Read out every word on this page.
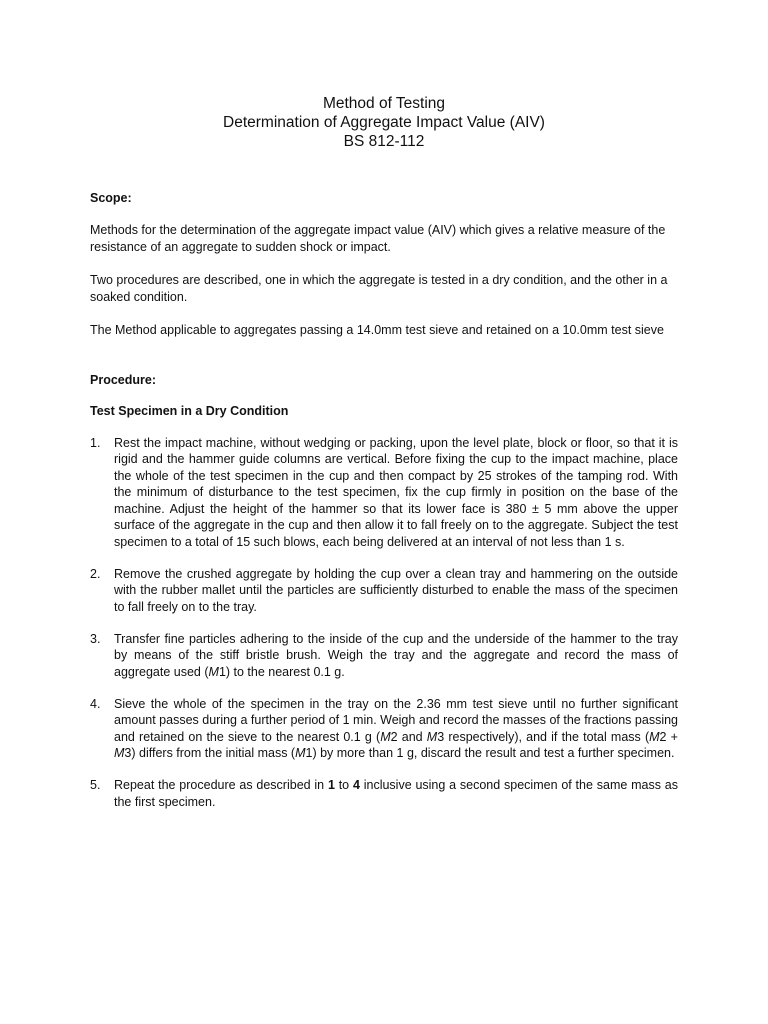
Method of Testing
Determination of Aggregate Impact Value (AIV)
BS 812-112
Scope:

Methods for the determination of the aggregate impact value (AIV) which gives a relative measure of the resistance of an aggregate to sudden shock or impact.

Two procedures are described, one in which the aggregate is tested in a dry condition, and the other in a soaked condition.

The Method applicable to aggregates passing a 14.0mm test sieve and retained on a 10.0mm test sieve

Procedure:
Test Specimen in a Dry Condition
1.	Rest the impact machine, without wedging or packing, upon the level plate, block or floor, so that it is rigid and the hammer guide columns are vertical. Before fixing the cup to the impact machine, place the whole of the test specimen in the cup and then compact by 25 strokes of the tamping rod. With the minimum of disturbance to the test specimen, fix the cup firmly in position on the base of the machine. Adjust the height of the hammer so that its lower face is 380 ± 5 mm above the upper surface of the aggregate in the cup and then allow it to fall freely on to the aggregate. Subject the test specimen to a total of 15 such blows, each being delivered at an interval of not less than 1 s.
2.	Remove the crushed aggregate by holding the cup over a clean tray and hammering on the outside with the rubber mallet until the particles are sufficiently disturbed to enable the mass of the specimen to fall freely on to the tray.
3.	Transfer fine particles adhering to the inside of the cup and the underside of the hammer to the tray by means of the stiff bristle brush. Weigh the tray and the aggregate and record the mass of aggregate used (M1) to the nearest 0.1 g.
4.	Sieve the whole of the specimen in the tray on the 2.36 mm test sieve until no further significant amount passes during a further period of 1 min. Weigh and record the masses of the fractions passing and retained on the sieve to the nearest 0.1 g (M2 and M3 respectively), and if the total mass (M2 + M3) differs from the initial mass (M1) by more than 1 g, discard the result and test a further specimen.
5.	Repeat the procedure as described in 1 to 4 inclusive using a second specimen of the same mass as the first specimen.
